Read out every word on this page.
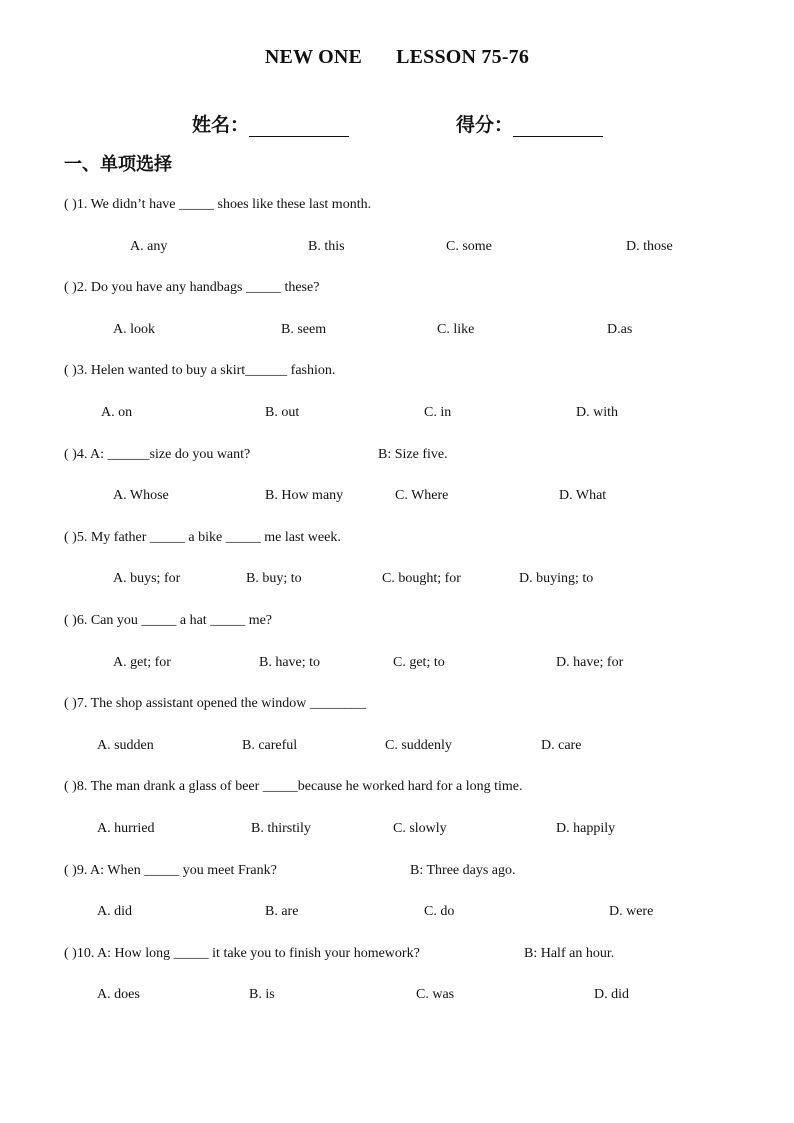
NEW ONE LESSON 75-76
姓名：	得分：
一、单项选择
( )1. We didn’t have _____ shoes like these last month.
A. any	B. this	C. some	D. those
( )2. Do you have any handbags _____ these?
A. look	B. seem	C. like	D.as
( )3. Helen wanted to buy a skirt______ fashion.
A. on	B. out	C. in	D. with
( )4. A: ______size do you want?	B: Size five.
A. Whose	B. How many	C. Where	D. What
( )5. My father _____ a bike _____ me last week.
A. buys; for	B. buy; to	C. bought; for	D. buying; to
( )6. Can you _____ a hat _____ me?
A. get; for	B. have; to	C. get; to	D. have; for
( )7. The shop assistant opened the window ________
A. sudden	B. careful	C. suddenly	D. care
( )8. The man drank a glass of beer _____because he worked hard for a long time.
A. hurried	B. thirstily	C. slowly	D. happily
( )9. A: When _____ you meet Frank?	B: Three days ago.
A. did	B. are	C. do	D. were
( )10. A: How long _____ it take you to finish your homework?	B: Half an hour.
A. does	B. is	C. was	D. did
